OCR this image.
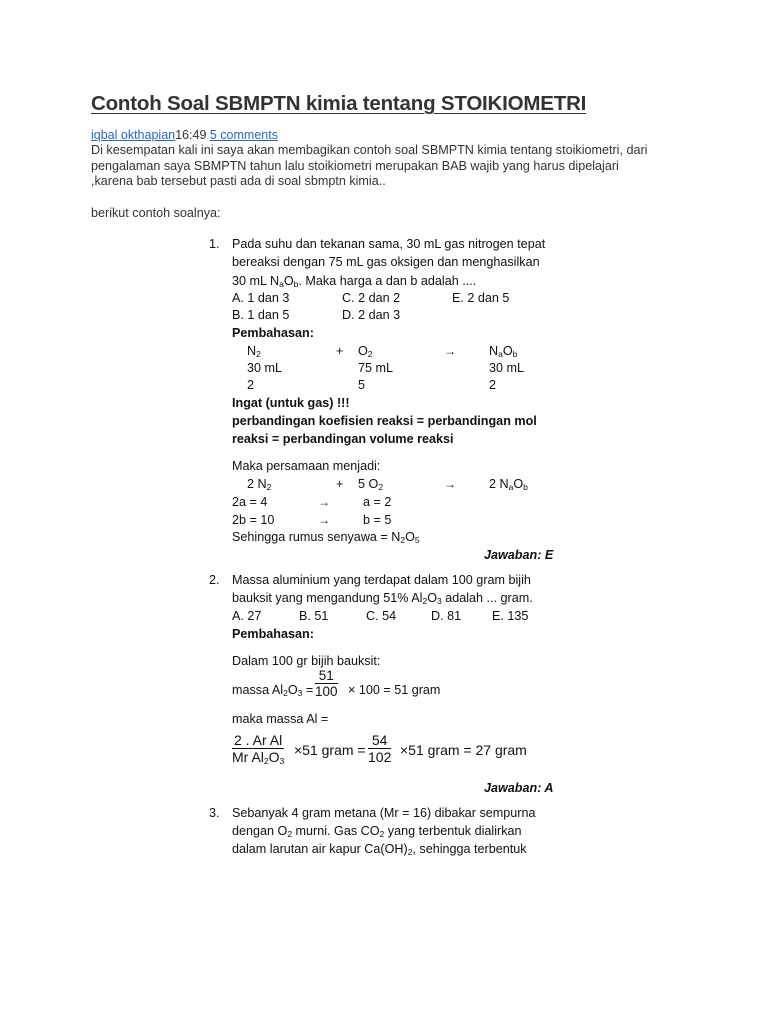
Contoh Soal SBMPTN kimia tentang STOIKIOMETRI
iqbal okthapian16:49 5 comments
Di kesempatan kali ini saya akan membagikan contoh soal SBMPTN kimia tentang stoikiometri, dari
pengalaman saya SBMPTN tahun lalu stoikiometri merupakan BAB wajib yang harus dipelajari
,karena bab tersebut pasti ada di soal sbmptn kimia..
berikut contoh soalnya:
1. Pada suhu dan tekanan sama, 30 mL gas nitrogen tepat
bereaksi dengan 75 mL gas oksigen dan menghasilkan
30 mL $N_aO_b$. Maka harga a dan b adalah ....
A. 1 dan 3	C. 2 dan 2	E. 2 dan 5
B. 1 dan 5	D. 2 dan 3
Pembahasan:
$N_2$	+ $O_2$	→	$N_aO_b$
30 mL	75 mL	30 mL
2	5	2
Ingat (untuk gas) !!!
perbandingan koefisien reaksi = perbandingan mol
reaksi = perbandingan volume reaksi
Maka persamaan menjadi:
2 $N_2$	+ 5 $O_2$	→	2 $N_aO_b$
2a = 4	→	a = 2
2b = 10	→	b = 5
Sehingga rumus senyawa = $N_2O_5$
Jawaban: E
2. Massa aluminium yang terdapat dalam 100 gram bijih
bauksit yang mengandung 51% $Al_2O_3$ adalah ... gram.
A. 27	B. 51	C. 54	D. 81 E. 135
Pembahasan:
Dalam 100 gr bijih bauksit:
massa $Al_2O_3$ =
51
100 × 100 = 51 gram
maka massa Al =
2 . Ar Al
Mr $Al_2O_3$
×51 gram =
54
102 ×51 gram = 27 gram
Jawaban: A
3. Sebanyak 4 gram metana (Mr = 16) dibakar sempurna
dengan $O_2$ murni. Gas $CO_2$ yang terbentuk dialirkan
dalam larutan air kapur $Ca(OH)_2$, sehingga terbentuk
